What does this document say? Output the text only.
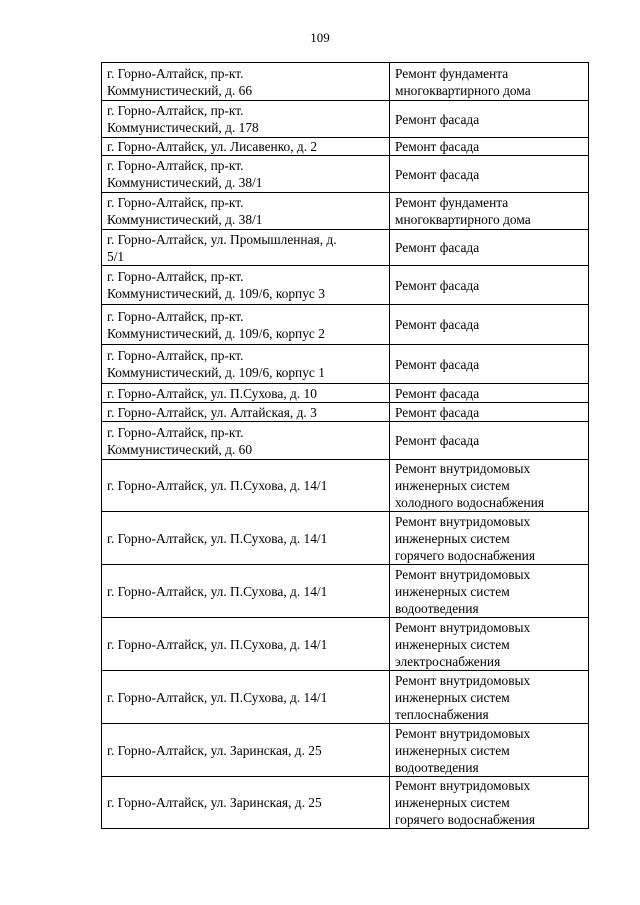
109
г. Горно-Алтайск, пр-кт.
Коммунистический, д. 66	Ремонт фундамента
многоквартирного дома

г. Горно-Алтайск, пр-кт.
Коммунистический, д. 178	Ремонт фасада

г. Горно-Алтайск, ул. Лисавенко, д. 2	Ремонт фасада

г. Горно-Алтайск, пр-кт.
Коммунистический, д. 38/1	Ремонт фасада

г. Горно-Алтайск, пр-кт.
Коммунистический, д. 38/1	Ремонт фундамента
многоквартирного дома

г. Горно-Алтайск, ул. Промышленная, д.
5/1	Ремонт фасада

г. Горно-Алтайск, пр-кт.
Коммунистический, д. 109/6, корпус 3	Ремонт фасада

г. Горно-Алтайск, пр-кт.
Коммунистический, д. 109/6, корпус 2	Ремонт фасада

г. Горно-Алтайск, пр-кт.
Коммунистический, д. 109/6, корпус 1	Ремонт фасада

г. Горно-Алтайск, ул. П.Сухова, д. 10	Ремонт фасада

г. Горно-Алтайск, ул. Алтайская, д. 3	Ремонт фасада

г. Горно-Алтайск, пр-кт.
Коммунистический, д. 60	Ремонт фасада

г. Горно-Алтайск, ул. П.Сухова, д. 14/1	Ремонт внутридомовых
инженерных систем
холодного водоснабжения

г. Горно-Алтайск, ул. П.Сухова, д. 14/1	Ремонт внутридомовых
инженерных систем
горячего водоснабжения

г. Горно-Алтайск, ул. П.Сухова, д. 14/1	Ремонт внутридомовых
инженерных систем
водоотведения

г. Горно-Алтайск, ул. П.Сухова, д. 14/1	Ремонт внутридомовых
инженерных систем
электроснабжения

г. Горно-Алтайск, ул. П.Сухова, д. 14/1	Ремонт внутридомовых
инженерных систем
теплоснабжения

г. Горно-Алтайск, ул. Заринская, д. 25	Ремонт внутридомовых
инженерных систем
водоотведения

г. Горно-Алтайск, ул. Заринская, д. 25	Ремонт внутридомовых
инженерных систем
горячего водоснабжения
